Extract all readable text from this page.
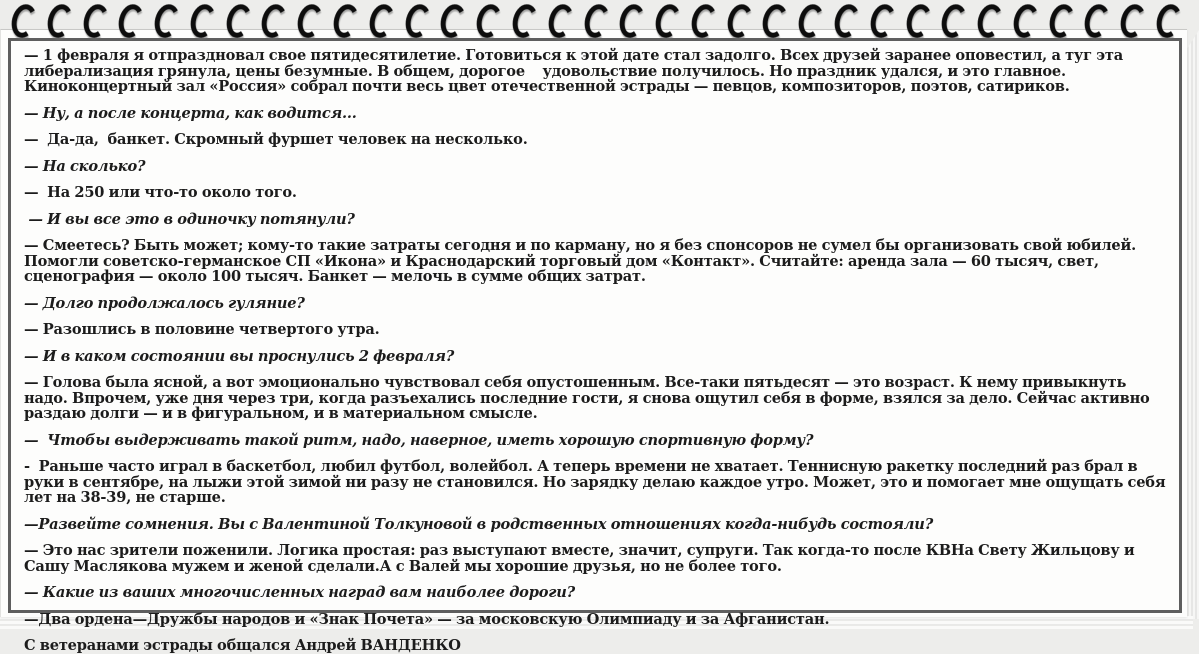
— 1 февраля я отпраздновал свое пятидесятилетие. Готовиться к этой дате стал задолго. Всех друзей заранее оповестил, а туг эта либерализация грянула, цены безумные. В общем, дорогое    удовольствие получилось. Но праздник удался, и это главное. Киноконцертный зал «Россия» собрал почти весь цвет отечественной эстрады — певцов, композиторов, поэтов, сатириков.

— Ну, а после концерта, как водится...

—  Да-да,  банкет. Скромный фуршет человек на несколько.

— На сколько?

—  На 250 или что-то около того.

— И вы все это в одиночку потянули?

— Смеетесь? Быть может; кому-то такие затраты сегодня и по карману, но я без спонсоров не сумел бы организовать свой юбилей. Помогли советско-германское СП «Икона» и Краснодарский торговый дом «Контакт». Считайте: аренда зала — 60 тысяч, свет, сценография — около 100 тысяч. Банкет — мелочь в сумме общих затрат.

— Долго продолжалось гуляние?

— Разошлись в половине четвертого утра.

— И в каком состоянии вы проснулись 2 февраля?

— Голова была ясной, а вот эмоционально чувствовал себя опустошенным. Все-таки пятьдесят — это возраст. К нему привыкнуть надо. Впрочем, уже дня через три, когда разъехались последние гости, я снова ощутил себя в форме, взялся за дело. Сейчас активно раздаю долги — и в фигуральном, и в материальном смысле.

—  Чтобы выдерживать такой ритм, надо, наверное, иметь хорошую спортивную форму?

-  Раньше часто играл в баскетбол, любил футбол, волейбол. А теперь времени не хватает. Теннисную ракетку последний раз брал в руки в сентябре, на лыжи этой зимой ни разу не становился. Но зарядку делаю каждое утро. Может, это и помогает мне ощущать себя лет на 38-39, не старше.

—Развейте сомнения. Вы с Валентиной Толкуновой в родственных отношениях когда-нибудь состояли?

— Это нас зрители поженили. Логика простая: раз выступают вместе, значит, супруги. Так когда-то после КВНа Свету Жильцову и Сашу Маслякова мужем и женой сделали.А с Валей мы хорошие друзья, но не более того.

— Какие из ваших многочисленных наград вам наиболее дороги?

—Два ордена—Дружбы народов и «Знак Почета» — за московскую Олимпиаду и за Афганистан.

С ветеранами эстрады общался Андрей ВАНДЕНКО
